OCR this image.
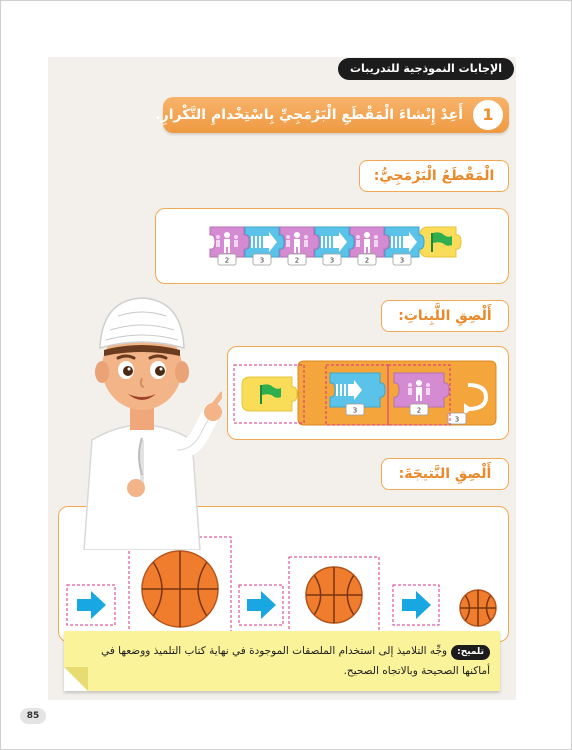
الإجابات النموذجية للتدريبات
أَعِدْ إِنْشاءَ الْمَقْطَعِ الْبَرْمَجِيِّ بِاسْتِخْدامِ التَّكْرارِ.	1
الْمَقْطَعُ الْبَرْمَجِيُّ:
3
2
3
2
3
2
أَلْصِقِ اللَّبِناتِ:
3
3	2
أَلْصِقِ النَّتيجَةَ:
تلميح:وجِّه التلاميذ إلى استخدام الملصقات الموجودة في نهاية كتاب التلميذ ووضعها في أماكنها الصحيحة وبالاتجاه الصحيح.
85
